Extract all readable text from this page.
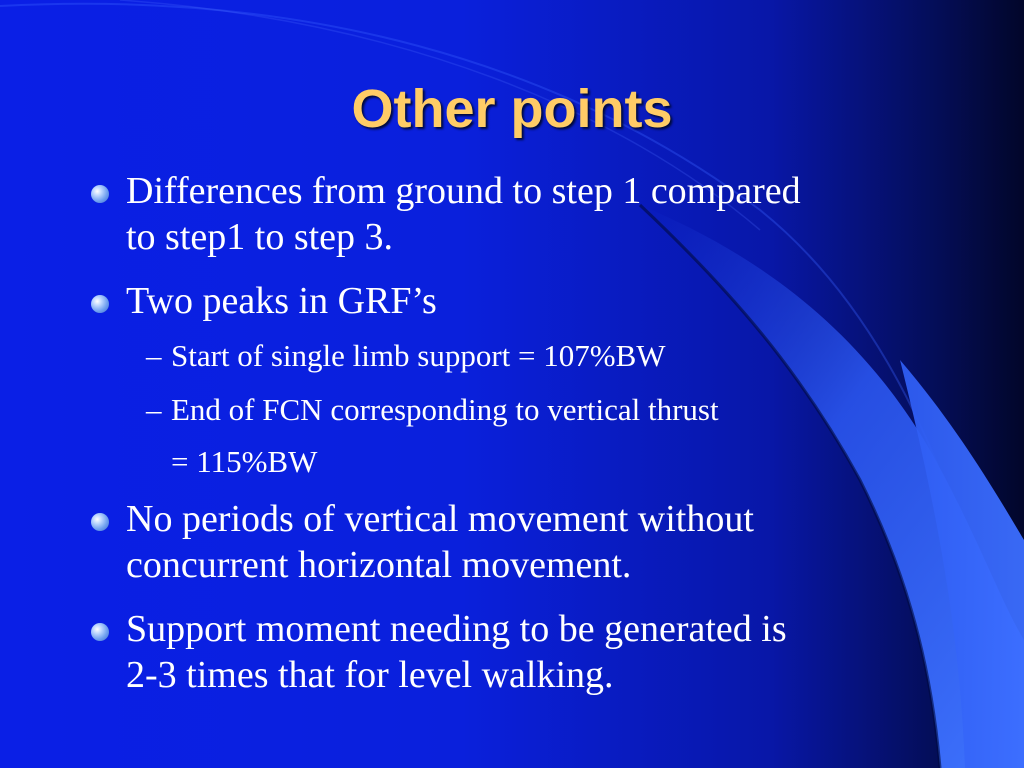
Other points

Differences from ground to step 1 compared

to step1 to step 3.

Two peaks in GRF’s

– Start of single limb support = 107%BW

– End of FCN corresponding to vertical thrust

= 115%BW

No periods of vertical movement without

concurrent horizontal movement.

Support moment needing to be generated is

2-3 times that for level walking.
